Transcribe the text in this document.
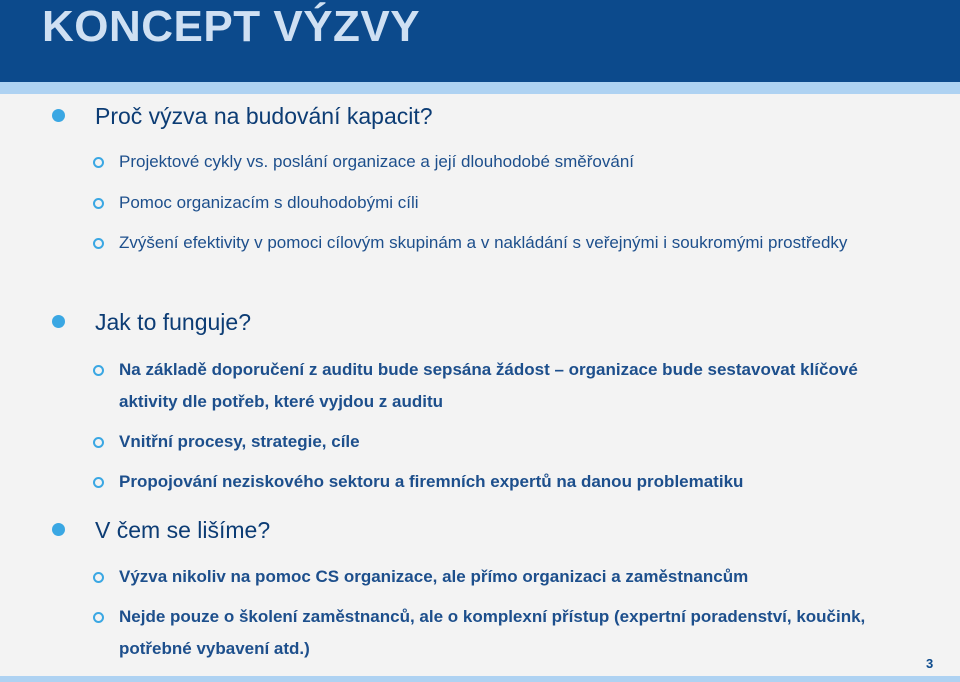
KONCEPT VÝZVY
Proč výzva na budování kapacit?
Projektové cykly vs. poslání organizace a její dlouhodobé směřování
Pomoc organizacím s dlouhodobými cíli
Zvýšení efektivity v pomoci cílovým skupinám a v nakládání s veřejnými i soukromými prostředky
Jak to funguje?
Na základě doporučení z auditu bude sepsána žádost – organizace bude sestavovat klíčové aktivity dle potřeb, které vyjdou z auditu
Vnitřní procesy, strategie, cíle
Propojování neziskového sektoru a firemních expertů na danou problematiku
V čem se lišíme?
Výzva nikoliv na pomoc CS organizace, ale přímo organizaci a zaměstnancům
Nejde pouze o školení zaměstnanců, ale o komplexní přístup (expertní poradenství, koučink, potřebné vybavení atd.)
3
